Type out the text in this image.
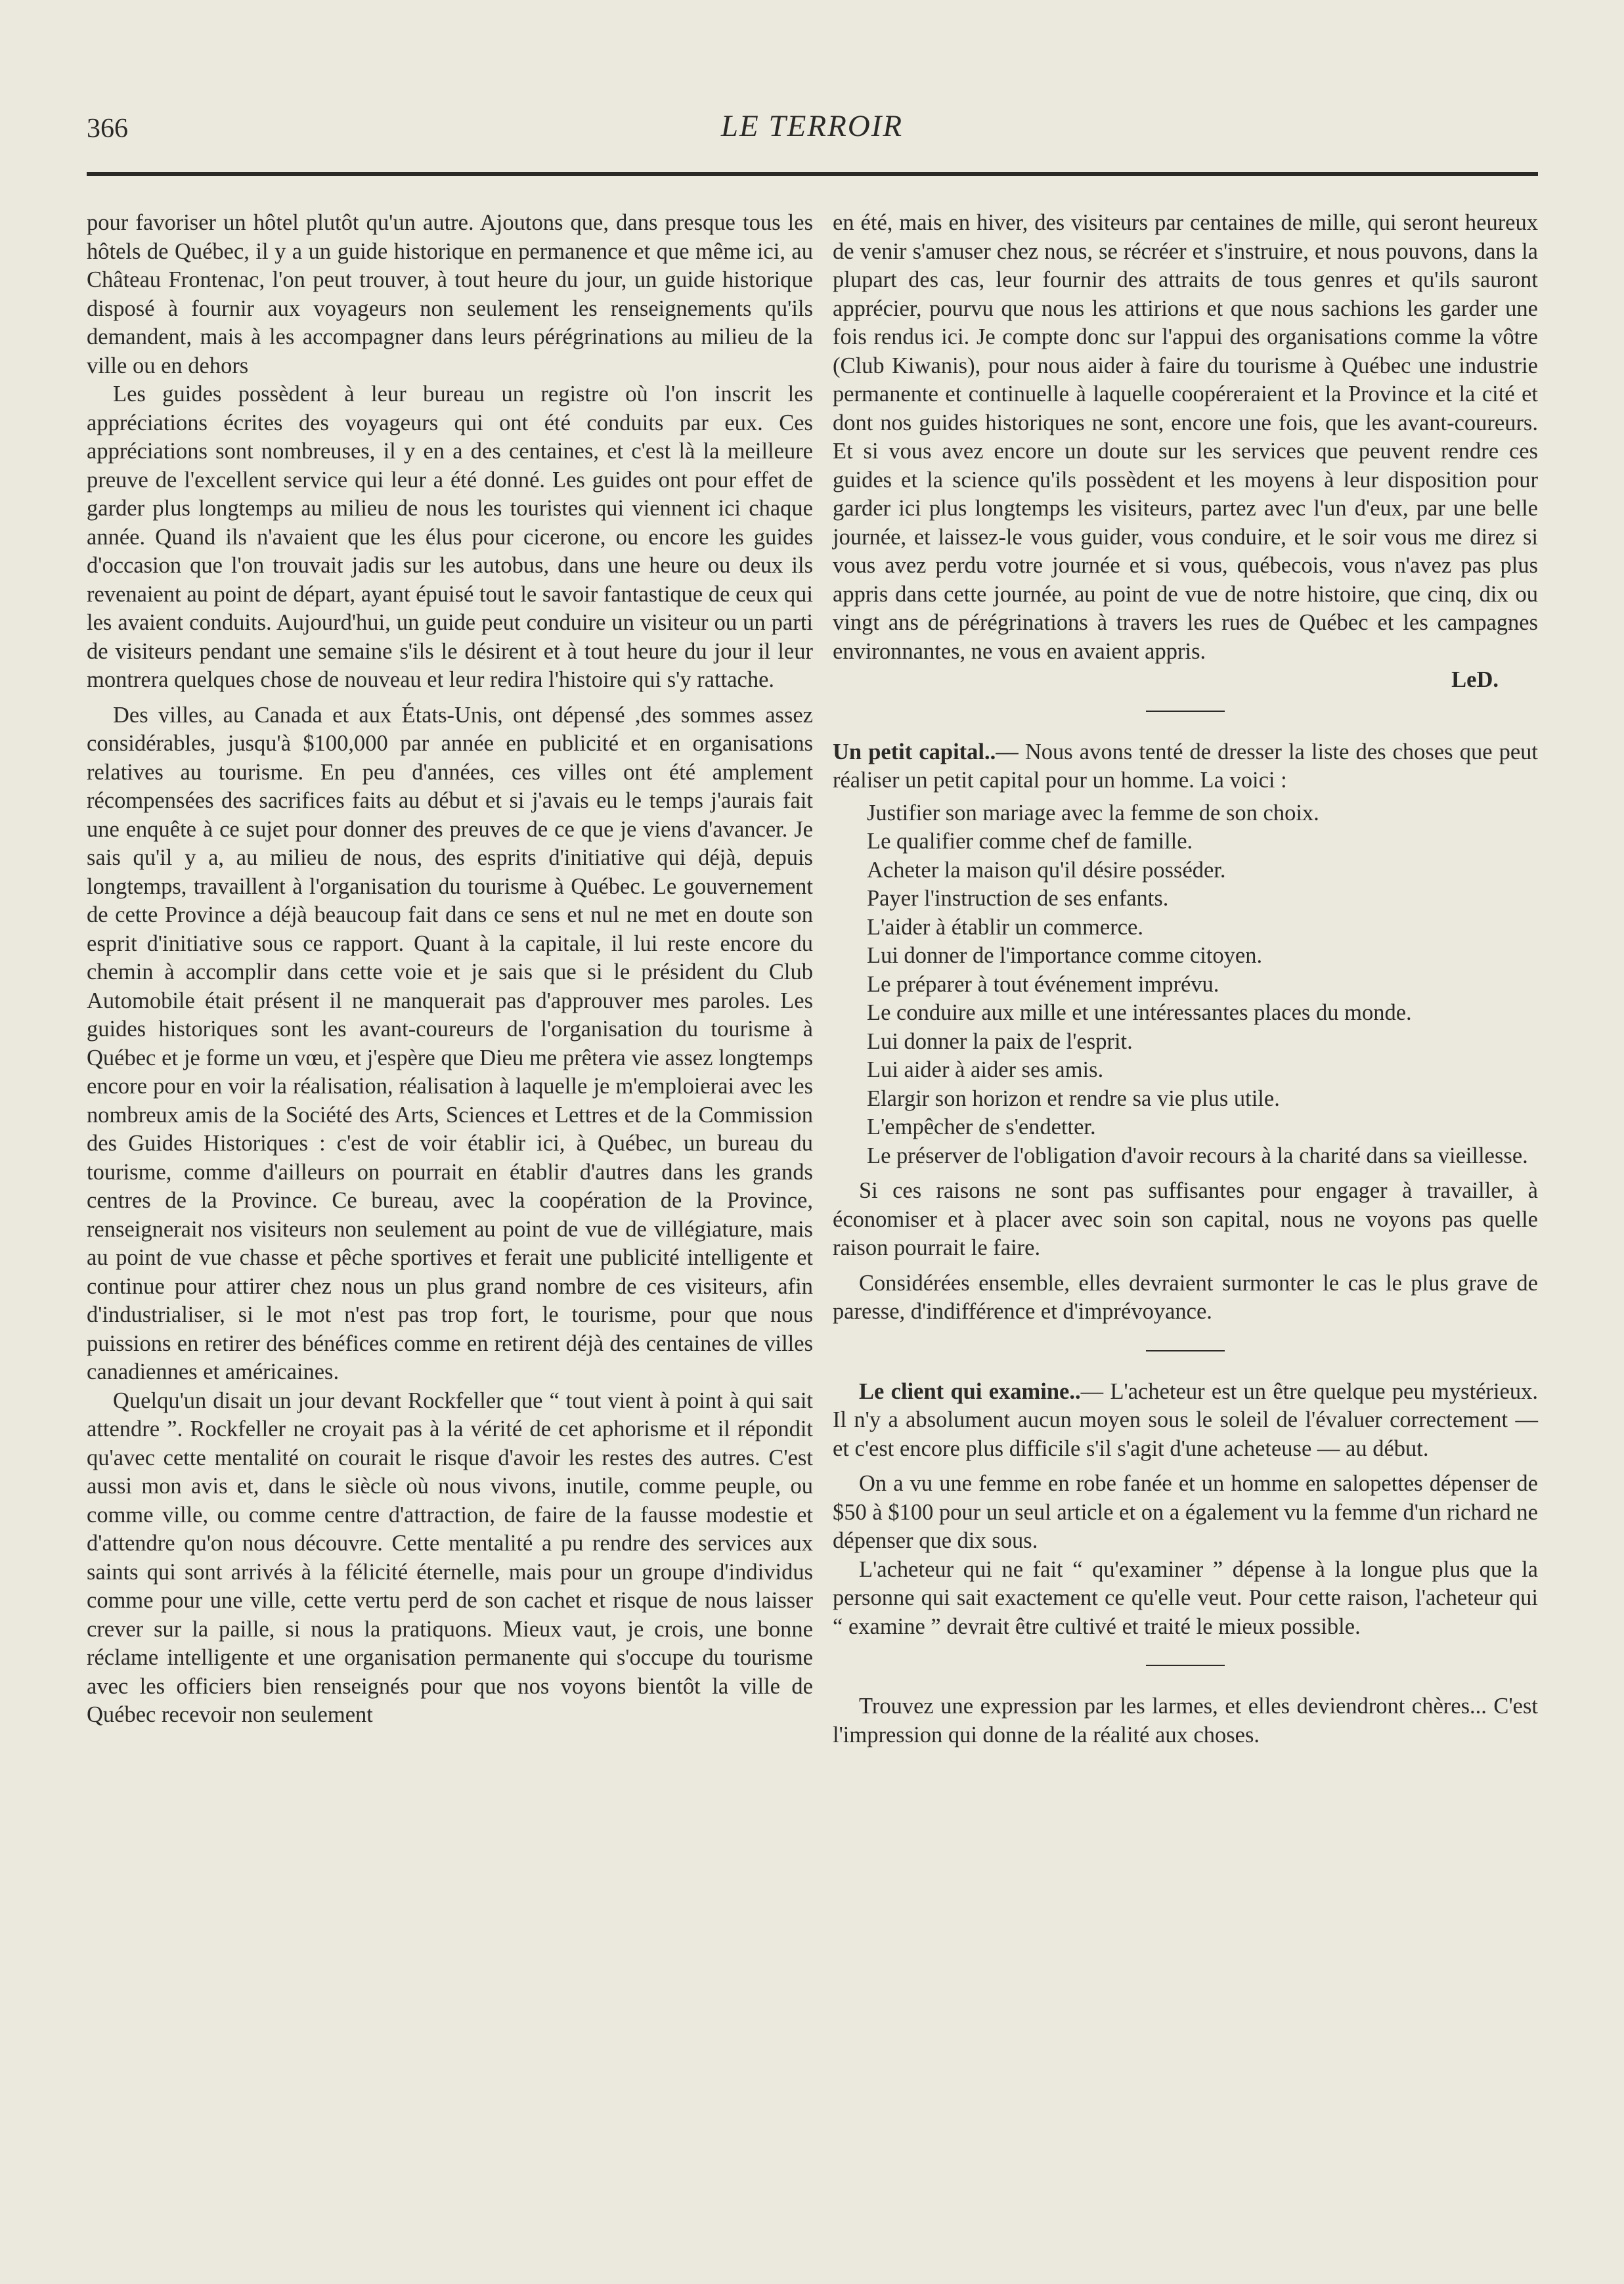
366	LE TERROIR

pour favoriser un hôtel plutôt qu'un autre. Ajoutons que, dans presque tous les hôtels de Québec, il y a un guide historique en permanence et que même ici, au Château Frontenac, l'on peut trouver, à tout heure du jour, un guide historique disposé à fournir aux voyageurs non seulement les renseignements qu'ils demandent, mais à les accompagner dans leurs pérégrinations au milieu de la ville ou en dehors

Les guides possèdent à leur bureau un registre où l'on inscrit les appréciations écrites des voyageurs qui ont été conduits par eux. Ces appréciations sont nombreuses, il y en a des centaines, et c'est là la meilleure preuve de l'excellent service qui leur a été donné. Les guides ont pour effet de garder plus longtemps au milieu de nous les touristes qui viennent ici chaque année. Quand ils n'avaient que les élus pour cicerone, ou encore les guides d'occasion que l'on trouvait jadis sur les autobus, dans une heure ou deux ils revenaient au point de départ, ayant épuisé tout le savoir fantastique de ceux qui les avaient conduits. Aujourd'hui, un guide peut conduire un visiteur ou un parti de visiteurs pendant une semaine s'ils le désirent et à tout heure du jour il leur montrera quelques chose de nouveau et leur redira l'histoire qui s'y rattache.

Des villes, au Canada et aux États-Unis, ont dépensé ,des sommes assez considérables, jusqu'à $100,000 par année en publicité et en organisations relatives au tourisme. En peu d'années, ces villes ont été amplement récompensées des sacrifices faits au début et si j'avais eu le temps j'aurais fait une enquête à ce sujet pour donner des preuves de ce que je viens d'avancer. Je sais qu'il y a, au milieu de nous, des esprits d'initiative qui déjà, depuis longtemps, travaillent à l'organisation du tourisme à Québec. Le gouvernement de cette Province a déjà beaucoup fait dans ce sens et nul ne met en doute son esprit d'initiative sous ce rapport. Quant à la capitale, il lui reste encore du chemin à accomplir dans cette voie et je sais que si le président du Club Automobile était présent il ne manquerait pas d'approuver mes paroles. Les guides historiques sont les avant-coureurs de l'organisation du tourisme à Québec et je forme un vœu, et j'espère que Dieu me prêtera vie assez longtemps encore pour en voir la réalisation, réalisation à laquelle je m'emploierai avec les nombreux amis de la Société des Arts, Sciences et Lettres et de la Commission des Guides Historiques : c'est de voir établir ici, à Québec, un bureau du tourisme, comme d'ailleurs on pourrait en établir d'autres dans les grands centres de la Province. Ce bureau, avec la coopération de la Province, renseignerait nos visiteurs non seulement au point de vue de villégiature, mais au point de vue chasse et pêche sportives et ferait une publicité intelligente et continue pour attirer chez nous un plus grand nombre de ces visiteurs, afin d'industrialiser, si le mot n'est pas trop fort, le tourisme, pour que nous puissions en retirer des bénéfices comme en retirent déjà des centaines de villes canadiennes et américaines.

Quelqu'un disait un jour devant Rockfeller que “ tout vient à point à qui sait attendre ”. Rockfeller ne croyait pas à la vérité de cet aphorisme et il répondit qu'avec cette mentalité on courait le risque d'avoir les restes des autres. C'est aussi mon avis et, dans le siècle où nous vivons, inutile, comme peuple, ou comme ville, ou comme centre d'attraction, de faire de la fausse modestie et d'attendre qu'on nous découvre. Cette mentalité a pu rendre des services aux saints qui sont arrivés à la félicité éternelle, mais pour un groupe d'individus comme pour une ville, cette vertu perd de son cachet et risque de nous laisser crever sur la paille, si nous la pratiquons. Mieux vaut, je crois, une bonne réclame intelligente et une organisation permanente qui s'occupe du tourisme avec les officiers bien renseignés pour que nos voyons bientôt la ville de Québec recevoir non seulement

en été, mais en hiver, des visiteurs par centaines de mille, qui seront heureux de venir s'amuser chez nous, se récréer et s'instruire, et nous pouvons, dans la plupart des cas, leur fournir des attraits de tous genres et qu'ils sauront apprécier, pourvu que nous les attirions et que nous sachions les garder une fois rendus ici. Je compte donc sur l'appui des organisations comme la vôtre (Club Kiwanis), pour nous aider à faire du tourisme à Québec une industrie permanente et continuelle à laquelle coopéreraient et la Province et la cité et dont nos guides historiques ne sont, encore une fois, que les avant-coureurs. Et si vous avez encore un doute sur les services que peuvent rendre ces guides et la science qu'ils possèdent et les moyens à leur disposition pour garder ici plus longtemps les visiteurs, partez avec l'un d'eux, par une belle journée, et laissez-le vous guider, vous conduire, et le soir vous me direz si vous avez perdu votre journée et si vous, québecois, vous n'avez pas plus appris dans cette journée, au point de vue de notre histoire, que cinq, dix ou vingt ans de pérégrinations à travers les rues de Québec et les campagnes environnantes, ne vous en avaient appris.

LeD.

Un petit capital..— Nous avons tenté de dresser la liste des choses que peut réaliser un petit capital pour un homme. La voici :

Justifier son mariage avec la femme de son choix.
Le qualifier comme chef de famille.
Acheter la maison qu'il désire posséder.
Payer l'instruction de ses enfants.
L'aider à établir un commerce.
Lui donner de l'importance comme citoyen.
Le préparer à tout événement imprévu.
Le conduire aux mille et une intéressantes places du monde.
Lui donner la paix de l'esprit.
Lui aider à aider ses amis.
Elargir son horizon et rendre sa vie plus utile.
L'empêcher de s'endetter.
Le préserver de l'obligation d'avoir recours à la charité dans sa vieillesse.

Si ces raisons ne sont pas suffisantes pour engager à travailler, à économiser et à placer avec soin son capital, nous ne voyons pas quelle raison pourrait le faire.

Considérées ensemble, elles devraient surmonter le cas le plus grave de paresse, d'indifférence et d'imprévoyance.

Le client qui examine..— L'acheteur est un être quelque peu mystérieux. Il n'y a absolument aucun moyen sous le soleil de l'évaluer correctement — et c'est encore plus difficile s'il s'agit d'une acheteuse — au début.

On a vu une femme en robe fanée et un homme en salopettes dépenser de $50 à $100 pour un seul article et on a également vu la femme d'un richard ne dépenser que dix sous.

L'acheteur qui ne fait “ qu'examiner ” dépense à la longue plus que la personne qui sait exactement ce qu'elle veut. Pour cette raison, l'acheteur qui “ examine ” devrait être cultivé et traité le mieux possible.

Trouvez une expression par les larmes, et elles deviendront chères... C'est l'impression qui donne de la réalité aux choses.
